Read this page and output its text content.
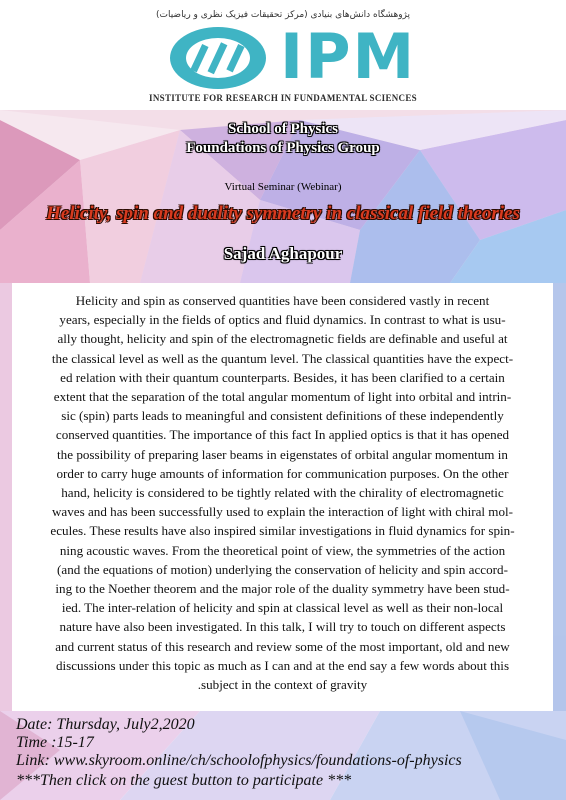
پژوهشگاه دانش‌های بنیادی (مرکز تحقیقات فیزیک نظری و ریاضیات)
IPM
INSTITUTE FOR RESEARCH IN FUNDAMENTAL SCIENCES
School of Physics
Foundations of Physics Group
Virtual Seminar (Webinar)
Helicity, spin and duality symmetry in classical field theories
Sajad Aghapour
Helicity and spin as conserved quantities have been considered vastly in recent
years, especially in the fields of optics and fluid dynamics. In contrast to what is usu-
ally thought, helicity and spin of the electromagnetic fields are definable and useful at
the classical level as well as the quantum level. The classical quantities have the expect-
ed relation with their quantum counterparts. Besides, it has been clarified to a certain
extent that the separation of the total angular momentum of light into orbital and intrin-
sic (spin) parts leads to meaningful and consistent definitions of these independently
conserved quantities. The importance of this fact In applied optics is that it has opened
the possibility of preparing laser beams in eigenstates of orbital angular momentum in
order to carry huge amounts of information for communication purposes. On the other
hand, helicity is considered to be tightly related with the chirality of electromagnetic
waves and has been successfully used to explain the interaction of light with chiral mol-
ecules. These results have also inspired similar investigations in fluid dynamics for spin-
ning acoustic waves. From the theoretical point of view, the symmetries of the action
(and the equations of motion) underlying the conservation of helicity and spin accord-
ing to the Noether theorem and the major role of the duality symmetry have been stud-
ied. The inter-relation of helicity and spin at classical level as well as their non-local
nature have also been investigated. In this talk, I will try to touch on different aspects
and current status of this research and review some of the most important, old and new
discussions under this topic as much as I can and at the end say a few words about this
.subject in the context of gravity
Date: Thursday, July2,2020
Time :15-17
Link: www.skyroom.online/ch/schoolofphysics/foundations-of-physics
***Then click on the guest button to participate ***
